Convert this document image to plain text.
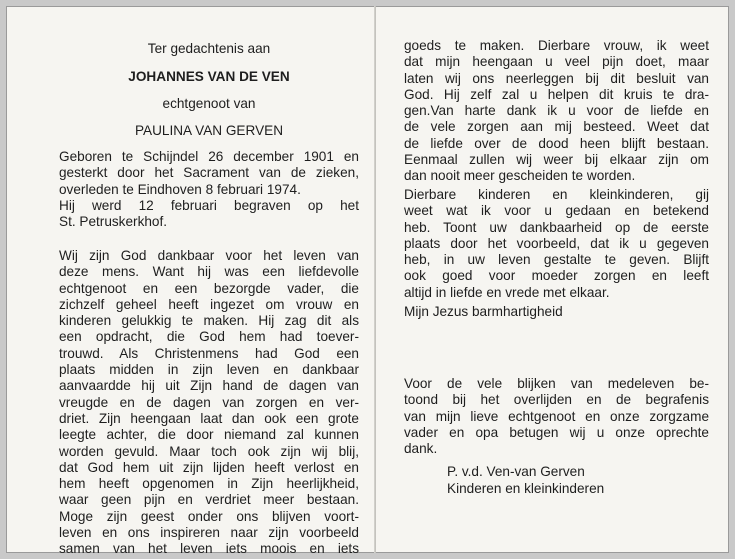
Ter gedachtenis aan
JOHANNES VAN DE VEN
echtgenoot van
PAULINA VAN GERVEN
Geboren te Schijndel 26 december 1901 en
gesterkt door het Sacrament van de zieken,
overleden te Eindhoven 8 februari 1974.
Hij werd 12 februari begraven op het
St. Petruskerkhof.
Wij zijn God dankbaar voor het leven van
deze mens. Want hij was een liefdevolle
echtgenoot en een bezorgde vader, die
zichzelf geheel heeft ingezet om vrouw en
kinderen gelukkig te maken. Hij zag dit als
een opdracht, die God hem had toever-
trouwd. Als Christenmens had God een
plaats midden in zijn leven en dankbaar
aanvaardde hij uit Zijn hand de dagen van
vreugde en de dagen van zorgen en ver-
driet. Zijn heengaan laat dan ook een grote
leegte achter, die door niemand zal kunnen
worden gevuld. Maar toch ook zijn wij blij,
dat God hem uit zijn lijden heeft verlost en
hem heeft opgenomen in Zijn heerlijkheid,
waar geen pijn en verdriet meer bestaan.
Moge zijn geest onder ons blijven voort-
leven en ons inspireren naar zijn voorbeeld
samen van het leven iets moois en iets
goeds te maken. Dierbare vrouw, ik weet
dat mijn heengaan u veel pijn doet, maar
laten wij ons neerleggen bij dit besluit van
God. Hij zelf zal u helpen dit kruis te dra-
gen.Van harte dank ik u voor de liefde en
de vele zorgen aan mij besteed. Weet dat
de liefde over de dood heen blijft bestaan.
Eenmaal zullen wij weer bij elkaar zijn om
dan nooit meer gescheiden te worden.
Dierbare kinderen en kleinkinderen, gij
weet wat ik voor u gedaan en betekend
heb. Toont uw dankbaarheid op de eerste
plaats door het voorbeeld, dat ik u gegeven
heb, in uw leven gestalte te geven. Blijft
ook goed voor moeder zorgen en leeft
altijd in liefde en vrede met elkaar.
Mijn Jezus barmhartigheid
Voor de vele blijken van medeleven be-
toond bij het overlijden en de begrafenis
van mijn lieve echtgenoot en onze zorgzame
vader en opa betugen wij u onze oprechte
dank.
P. v.d. Ven-van Gerven
Kinderen en kleinkinderen
